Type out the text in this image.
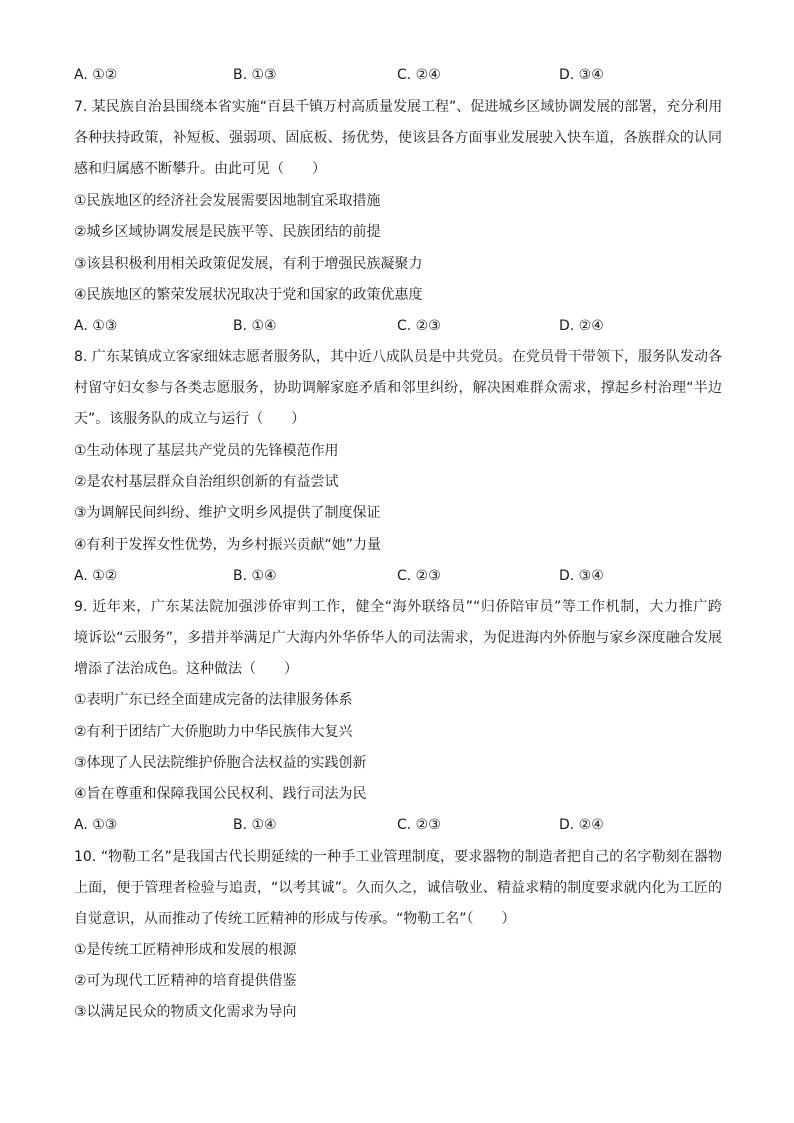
A. ①②	B. ①③	C. ②④	D. ③④
7. 某民族自治县围绕本省实施“百县千镇万村高质量发展工程”、促进城乡区域协调发展的部署，充分利用
各种扶持政策，补短板、强弱项、固底板、扬优势，使该县各方面事业发展驶入快车道，各族群众的认同
感和归属感不断攀升。由此可见（　　）
①民族地区的经济社会发展需要因地制宜采取措施
②城乡区域协调发展是民族平等、民族团结的前提
③该县积极利用相关政策促发展，有利于增强民族凝聚力
④民族地区的繁荣发展状况取决于党和国家的政策优惠度
A. ①③	B. ①④	C. ②③	D. ②④
8. 广东某镇成立客家细妹志愿者服务队，其中近八成队员是中共党员。在党员骨干带领下，服务队发动各
村留守妇女参与各类志愿服务，协助调解家庭矛盾和邻里纠纷，解决困难群众需求，撑起乡村治理“半边
天”。该服务队的成立与运行（　　）
①生动体现了基层共产党员的先锋模范作用
②是农村基层群众自治组织创新的有益尝试
③为调解民间纠纷、维护文明乡风提供了制度保证
④有利于发挥女性优势，为乡村振兴贡献“她”力量
A. ①②	B. ①④	C. ②③	D. ③④
9. 近年来，广东某法院加强涉侨审判工作，健全“海外联络员”“归侨陪审员”等工作机制，大力推广跨
境诉讼“云服务”，多措并举满足广大海内外华侨华人的司法需求，为促进海内外侨胞与家乡深度融合发展
增添了法治成色。这种做法（　　）
①表明广东已经全面建成完备的法律服务体系
②有利于团结广大侨胞助力中华民族伟大复兴
③体现了人民法院维护侨胞合法权益的实践创新
④旨在尊重和保障我国公民权利、践行司法为民
A. ①③	B. ①④	C. ②③	D. ②④
10. “物勒工名”是我国古代长期延续的一种手工业管理制度，要求器物的制造者把自己的名字勒刻在器物
上面，便于管理者检验与追责，“以考其诚”。久而久之，诚信敬业、精益求精的制度要求就内化为工匠的
自觉意识，从而推动了传统工匠精神的形成与传承。“物勒工名”（　　）
①是传统工匠精神形成和发展的根源
②可为现代工匠精神的培育提供借鉴
③以满足民众的物质文化需求为导向
